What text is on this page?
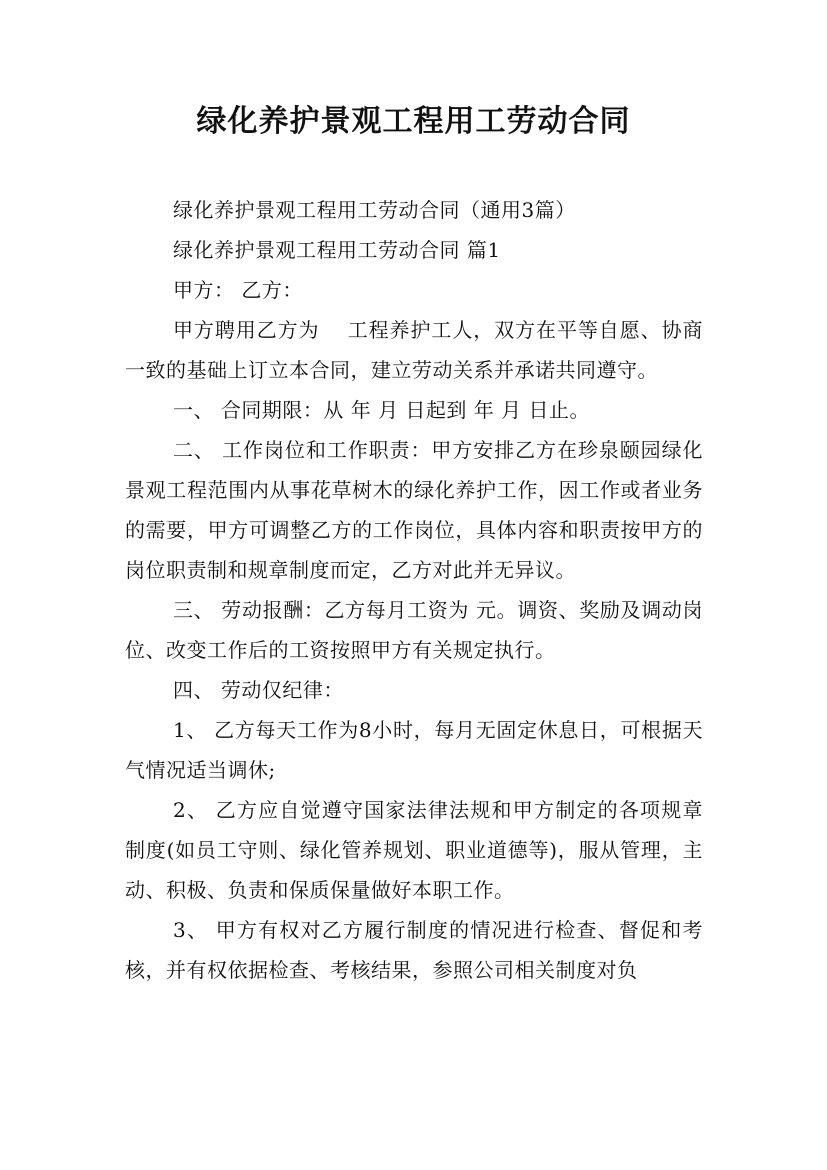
绿化养护景观工程用工劳动合同

绿化养护景观工程用工劳动合同（通用3篇）

绿化养护景观工程用工劳动合同 篇1

甲方： 乙方：

甲方聘用乙方为　 工程养护工人，双方在平等自愿、协商一致的基础上订立本合同，建立劳动关系并承诺共同遵守。

一、 合同期限：从 年 月 日起到 年 月 日止。

二、 工作岗位和工作职责：甲方安排乙方在珍泉颐园绿化景观工程范围内从事花草树木的绿化养护工作，因工作或者业务的需要，甲方可调整乙方的工作岗位，具体内容和职责按甲方的岗位职责制和规章制度而定，乙方对此并无异议。

三、 劳动报酬：乙方每月工资为 元。调资、奖励及调动岗位、改变工作后的工资按照甲方有关规定执行。

四、 劳动仅纪律：

1、 乙方每天工作为8小时，每月无固定休息日，可根据天气情况适当调休;

2、 乙方应自觉遵守国家法律法规和甲方制定的各项规章制度(如员工守则、绿化管养规划、职业道德等)，服从管理，主动、积极、负责和保质保量做好本职工作。

3、 甲方有权对乙方履行制度的情况进行检查、督促和考核，并有权依据检查、考核结果，参照公司相关制度对负
